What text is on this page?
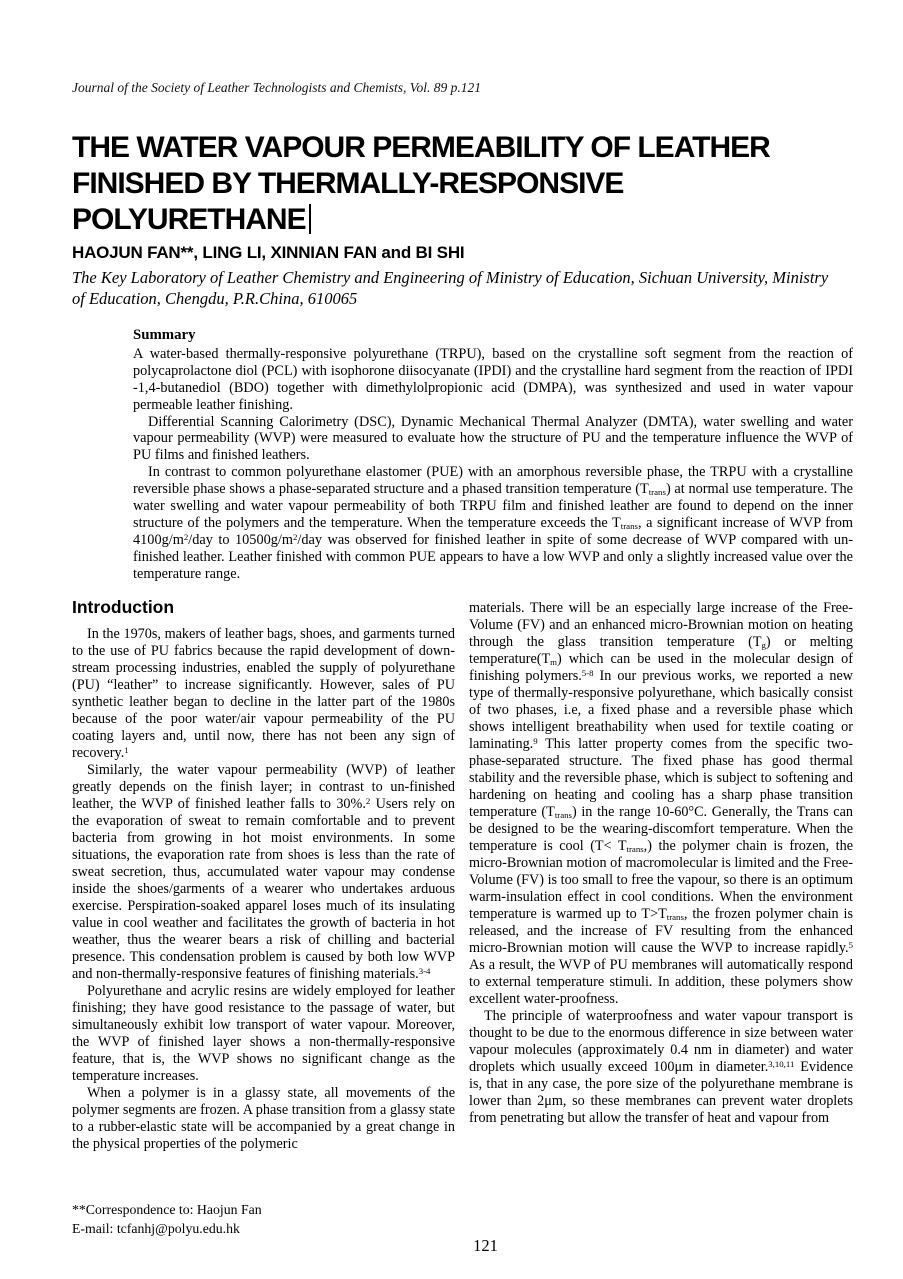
Journal of the Society of Leather Technologists and Chemists, Vol. 89 p.121
THE WATER VAPOUR PERMEABILITY OF LEATHER
FINISHED BY THERMALLY-RESPONSIVE
POLYURETHANE
HAOJUN FAN**, LING LI, XINNIAN FAN and BI SHI
The Key Laboratory of Leather Chemistry and Engineering of Ministry of Education, Sichuan University, Ministry of Education, Chengdu, P.R.China, 610065
Summary

A water-based thermally-responsive polyurethane (TRPU), based on the crystalline soft segment from the reaction of polycaprolactone diol (PCL) with isophorone diisocyanate (IPDI) and the crystalline hard segment from the reaction of IPDI -1,4-butanediol (BDO) together with dimethylolpropionic acid (DMPA), was synthesized and used in water vapour permeable leather finishing.

Differential Scanning Calorimetry (DSC), Dynamic Mechanical Thermal Analyzer (DMTA), water swelling and water vapour permeability (WVP) were measured to evaluate how the structure of PU and the temperature influence the WVP of PU films and finished leathers.

In contrast to common polyurethane elastomer (PUE) with an amorphous reversible phase, the TRPU with a crystalline reversible phase shows a phase-separated structure and a phased transition temperature $(T_{trans})$ at normal use temperature. The water swelling and water vapour permeability of both TRPU film and finished leather are found to depend on the inner structure of the polymers and the temperature. When the temperature exceeds the $T_{trans}$, a significant increase of WVP from $4100g/m^2$/day to $10500g/m^2$/day was observed for finished leather in spite of some decrease of WVP compared with un-finished leather. Leather finished with common PUE appears to have a low WVP and only a slightly increased value over the temperature range.

Introduction

In the 1970s, makers of leather bags, shoes, and garments turned to the use of PU fabrics because the rapid development of down-stream processing industries, enabled the supply of polyurethane (PU) “leather” to increase significantly. However, sales of PU synthetic leather began to decline in the latter part of the 1980s because of the poor water/air vapour permeability of the PU coating layers and, until now, there has not been any sign of recovery.$^1$

Similarly, the water vapour permeability (WVP) of leather greatly depends on the finish layer; in contrast to un-finished leather, the WVP of finished leather falls to 30%.$^2$ Users rely on the evaporation of sweat to remain comfortable and to prevent bacteria from growing in hot moist environments. In some situations, the evaporation rate from shoes is less than the rate of sweat secretion, thus, accumulated water vapour may condense inside the shoes/garments of a wearer who undertakes arduous exercise. Perspiration-soaked apparel loses much of its insulating value in cool weather and facilitates the growth of bacteria in hot weather, thus the wearer bears a risk of chilling and bacterial presence. This condensation problem is caused by both low WVP and non-thermally-responsive features of finishing materials.$^{3-4}$

Polyurethane and acrylic resins are widely employed for leather finishing; they have good resistance to the passage of water, but simultaneously exhibit low transport of water vapour. Moreover, the WVP of finished layer shows a non-thermally-responsive feature, that is, the WVP shows no significant change as the temperature increases.

When a polymer is in a glassy state, all movements of the polymer segments are frozen. A phase transition from a glassy state to a rubber-elastic state will be accompanied by a great change in the physical properties of the polymeric

materials. There will be an especially large increase of the Free-Volume (FV) and an enhanced micro-Brownian motion on heating through the glass transition temperature $(T_g)$ or melting $temperature(T_m)$ which can be used in the molecular design of finishing polymers.$^{5-8}$ In our previous works, we reported a new type of thermally-responsive polyurethane, which basically consist of two phases, i.e, a fixed phase and a reversible phase which shows intelligent breathability when used for textile coating or laminating.$^9$ This latter property comes from the specific two-phase-separated structure. The fixed phase has good thermal stability and the reversible phase, which is subject to softening and hardening on heating and cooling has a sharp phase transition temperature $(T_{trans})$ in the range 10-60°C. Generally, the Trans can be designed to be the wearing-discomfort temperature. When the temperature is cool $(T< T_{trans},)$ the polymer chain is frozen, the micro-Brownian motion of macromolecular is limited and the Free-Volume (FV) is too small to free the vapour, so there is an optimum warm-insulation effect in cool conditions. When the environment temperature is warmed up to $T>T_{trans}$, the frozen polymer chain is released, and the increase of FV resulting from the enhanced micro-Brownian motion will cause the WVP to increase rapidly.$^5$ As a result, the WVP of PU membranes will automatically respond to external temperature stimuli. In addition, these polymers show excellent water-proofness.

The principle of waterproofness and water vapour transport is thought to be due to the enormous difference in size between water vapour molecules (approximately 0.4 nm in diameter) and water droplets which usually exceed 100μm in diameter.$^{3,10,11}$ Evidence is, that in any case, the pore size of the polyurethane membrane is lower than 2μm, so these membranes can prevent water droplets from penetrating but allow the transfer of heat and vapour from

**Correspondence to: Haojun Fan
E-mail: tcfanhj@polyu.edu.hk
121
